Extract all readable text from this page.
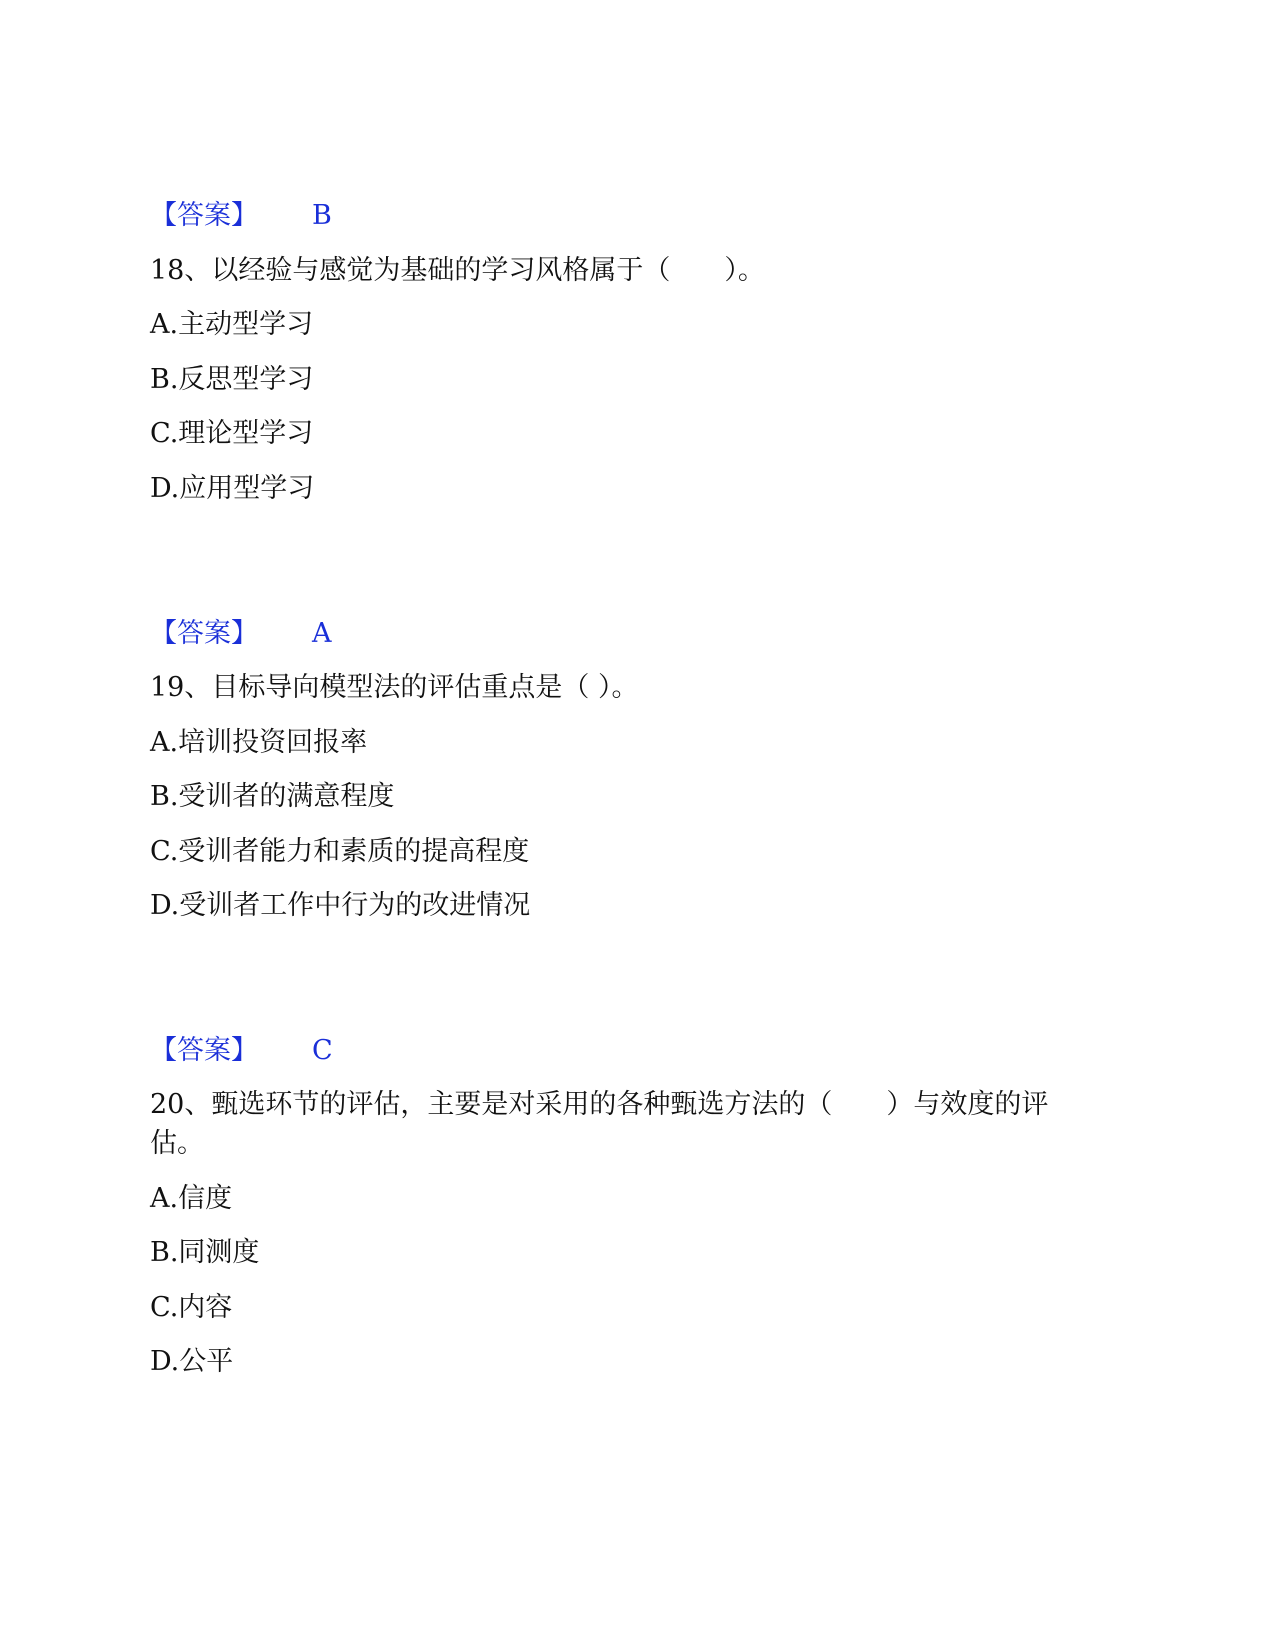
【答案】 B
18、以经验与感觉为基础的学习风格属于（　　）。
A.主动型学习
B.反思型学习
C.理论型学习
D.应用型学习
【答案】 A
19、目标导向模型法的评估重点是（ ）。
A.培训投资回报率
B.受训者的满意程度
C.受训者能力和素质的提高程度
D.受训者工作中行为的改进情况
【答案】 C
20、甄选环节的评估，主要是对采用的各种甄选方法的（　　）与效度的评
估。
A.信度
B.同测度
C.内容
D.公平
